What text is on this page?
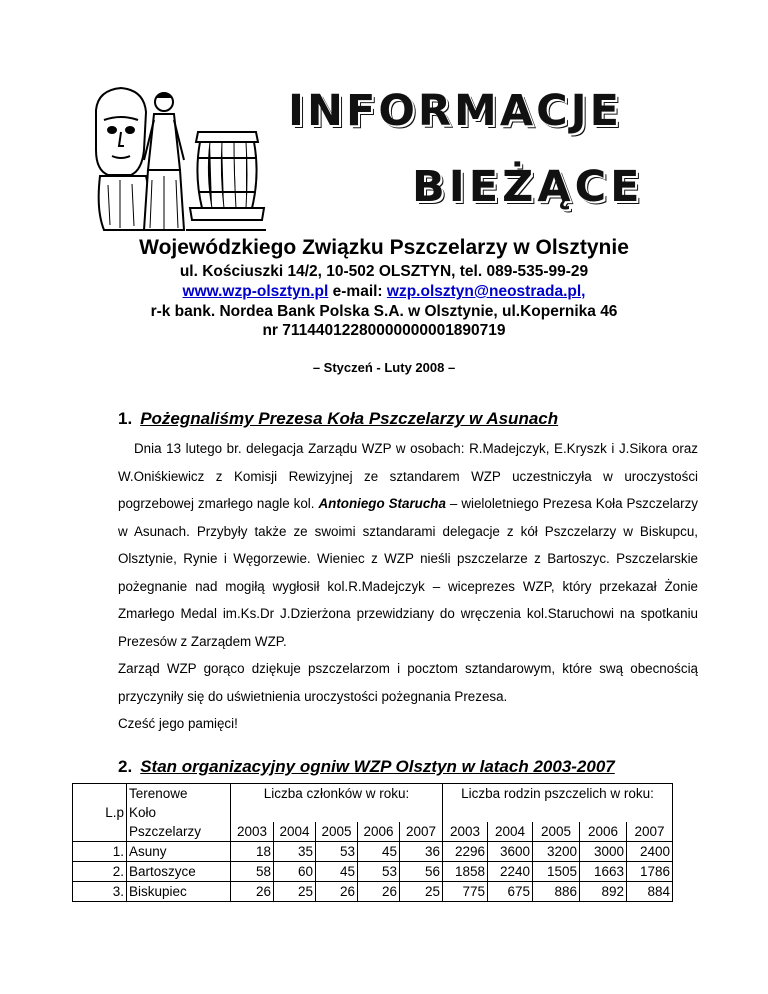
INFORMACJE
BIEŻĄCE
Wojewódzkiego Związku Pszczelarzy w Olsztynie
ul. Kościuszki 14/2, 10-502 OLSZTYN, tel. 089-535-99-29
www.wzp-olsztyn.pl e-mail: wzp.olsztyn@neostrada.pl,
r-k bank. Nordea Bank Polska S.A. w Olsztynie, ul.Kopernika 46
nr 71144012280000000001890719
– Styczeń - Luty 2008 –
1. Pożegnaliśmy Prezesa Koła Pszczelarzy w Asunach

Dnia 13 lutego br. delegacja Zarządu WZP w osobach: R.Madejczyk, E.Kryszk i J.Sikora oraz W.Oniśkiewicz z Komisji Rewizyjnej ze sztandarem WZP uczestniczyła w uroczystości pogrzebowej zmarłego nagle kol. Antoniego Starucha – wieloletniego Prezesa Koła Pszczelarzy w Asunach. Przybyły także ze swoimi sztandarami delegacje z kół Pszczelarzy w Biskupcu, Olsztynie, Rynie i Węgorzewie. Wieniec z WZP nieśli pszczelarze z Bartoszyc. Pszczelarskie pożegnanie nad mogiłą wygłosił kol.R.Madejczyk – wiceprezes WZP, który przekazał Żonie Zmarłego Medal im.Ks.Dr J.Dzierżona przewidziany do wręczenia kol.Staruchowi na spotkaniu Prezesów z Zarządem WZP.

Zarząd WZP gorąco dziękuje pszczelarzom i pocztom sztandarowym, które swą obecnością przyczyniły się do uświetnienia uroczystości pożegnania Prezesa.

Cześć jego pamięci!

2. Stan organizacyjny ogniw WZP Olsztyn w latach 2003-2007
	Terenowe	Liczba członków w roku:					Liczba rodzin pszczelich w roku:				
L.p	Koło										
	Pszczelarzy	2003	2004	2005	2006	2007	2003	2004	2005	2006	2007
1.	Asuny	18	35	53	45	36	2296	3600	3200	3000	2400
2.	Bartoszyce	58	60	45	53	56	1858	2240	1505	1663	1786
3.	Biskupiec	26	25	26	26	25	775	675	886	892	884
